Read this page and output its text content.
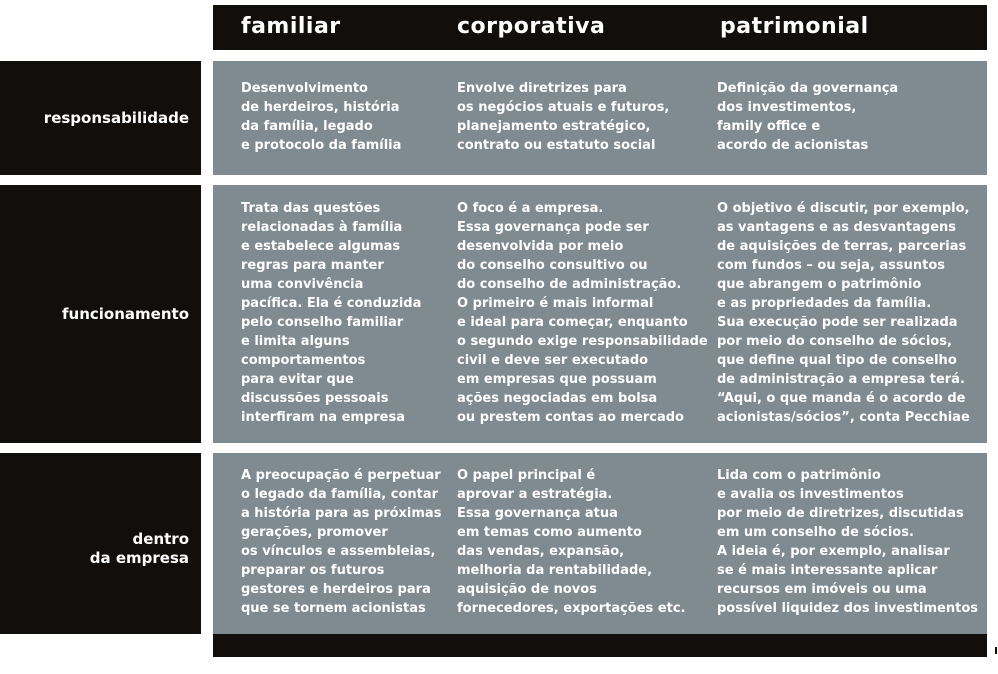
familiar	corporativa	patrimonial
responsabilidade
Desenvolvimento
de herdeiros, história
da família, legado
e protocolo da família
Envolve diretrizes para
os negócios atuais e futuros,
planejamento estratégico,
contrato ou estatuto social
Definição da governança
dos investimentos,
family office e
acordo de acionistas
funcionamento
Trata das questões
relacionadas à família
e estabelece algumas
regras para manter
uma convivência
pacífica. Ela é conduzida
pelo conselho familiar
e limita alguns
comportamentos
para evitar que
discussões pessoais
interfiram na empresa
O foco é a empresa.
Essa governança pode ser
desenvolvida por meio
do conselho consultivo ou
do conselho de administração.
O primeiro é mais informal
e ideal para começar, enquanto
o segundo exige responsabilidade
civil e deve ser executado
em empresas que possuam
ações negociadas em bolsa
ou prestem contas ao mercado
O objetivo é discutir, por exemplo,
as vantagens e as desvantagens
de aquisições de terras, parcerias
com fundos – ou seja, assuntos
que abrangem o patrimônio
e as propriedades da família.
Sua execução pode ser realizada
por meio do conselho de sócios,
que define qual tipo de conselho
de administração a empresa terá.
“Aqui, o que manda é o acordo de
acionistas/sócios”, conta Pecchiae
dentro
da empresa
A preocupação é perpetuar
o legado da família, contar
a história para as próximas
gerações, promover
os vínculos e assembleias,
preparar os futuros
gestores e herdeiros para
que se tornem acionistas
O papel principal é
aprovar a estratégia.
Essa governança atua
em temas como aumento
das vendas, expansão,
melhoria da rentabilidade,
aquisição de novos
fornecedores, exportações etc.
Lida com o patrimônio
e avalia os investimentos
por meio de diretrizes, discutidas
em um conselho de sócios.
A ideia é, por exemplo, analisar
se é mais interessante aplicar
recursos em imóveis ou uma
possível liquidez dos investimentos
